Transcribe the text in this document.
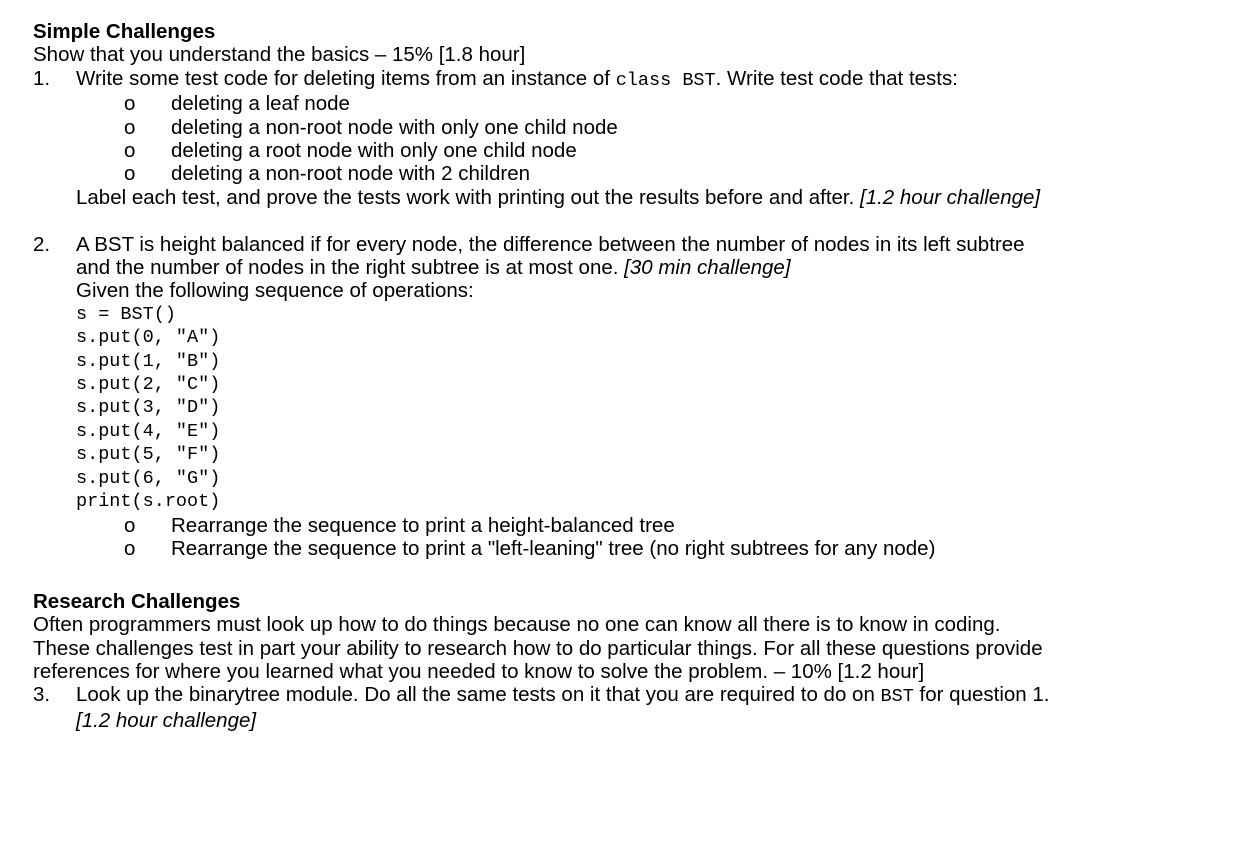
Simple Challenges
Show that you understand the basics – 15% [1.8 hour]
1. Write some test code for deleting items from an instance of class BST. Write test code that tests:
o deleting a leaf node
o deleting a non-root node with only one child node
o deleting a root node with only one child node
o deleting a non-root node with 2 children
Label each test, and prove the tests work with printing out the results before and after. [1.2 hour challenge]
2. A BST is height balanced if for every node, the difference between the number of nodes in its left subtree
and the number of nodes in the right subtree is at most one. [30 min challenge]
Given the following sequence of operations:
s = BST()
s.put(0, "A")
s.put(1, "B")
s.put(2, "C")
s.put(3, "D")
s.put(4, "E")
s.put(5, "F")
s.put(6, "G")
print(s.root)
o Rearrange the sequence to print a height-balanced tree
o Rearrange the sequence to print a "left-leaning" tree (no right subtrees for any node)
Research Challenges
Often programmers must look up how to do things because no one can know all there is to know in coding.
These challenges test in part your ability to research how to do particular things. For all these questions provide
references for where you learned what you needed to know to solve the problem. – 10% [1.2 hour]
3. Look up the binarytree module. Do all the same tests on it that you are required to do on BST for question 1.
[1.2 hour challenge]
